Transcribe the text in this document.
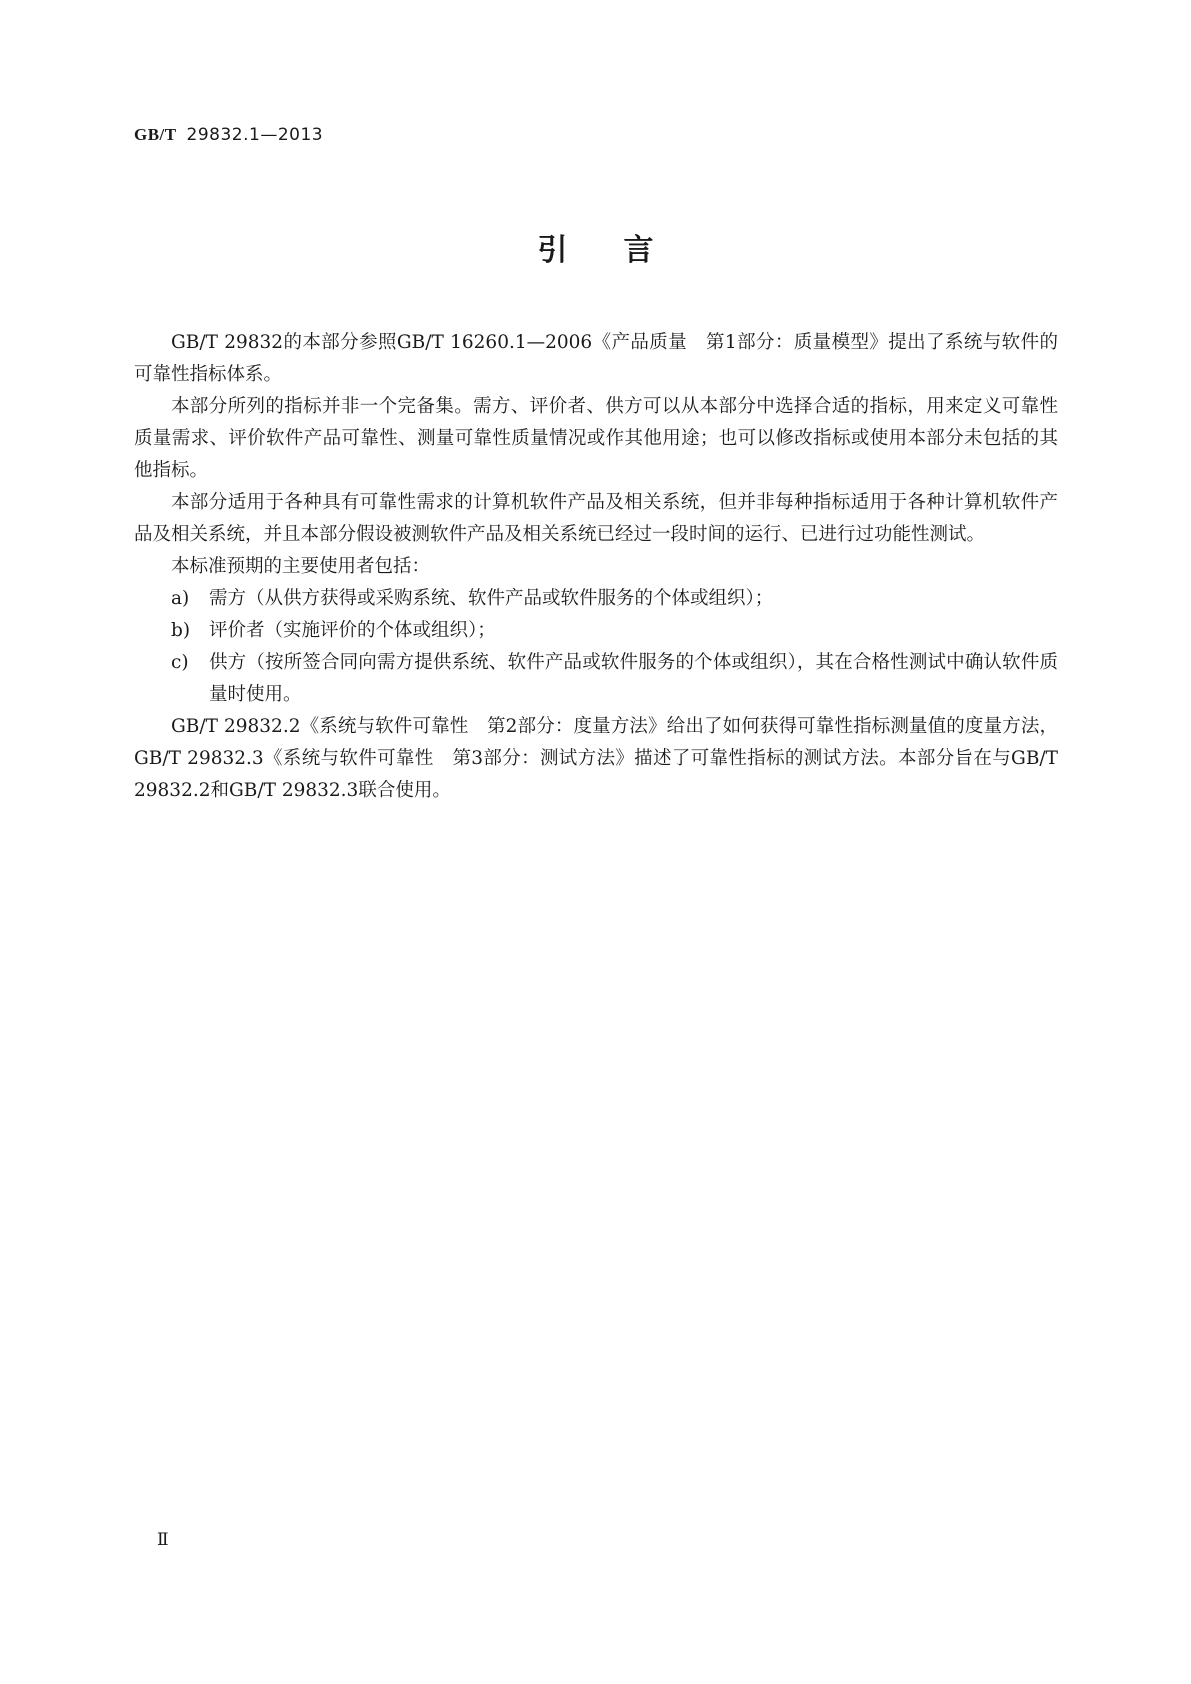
GB/T 29832.1—2013
引言

GB/T 29832的本部分参照GB/T 16260.1—2006《产品质量　第1部分：质量模型》提出了系统与软件的可靠性指标体系。

本部分所列的指标并非一个完备集。需方、评价者、供方可以从本部分中选择合适的指标，用来定义可靠性质量需求、评价软件产品可靠性、测量可靠性质量情况或作其他用途；也可以修改指标或使用本部分未包括的其他指标。

本部分适用于各种具有可靠性需求的计算机软件产品及相关系统，但并非每种指标适用于各种计算机软件产品及相关系统，并且本部分假设被测软件产品及相关系统已经过一段时间的运行、已进行过功能性测试。

本标准预期的主要使用者包括：

a)	需方（从供方获得或采购系统、软件产品或软件服务的个体或组织）；
b)	评价者（实施评价的个体或组织）；
c)	供方（按所签合同向需方提供系统、软件产品或软件服务的个体或组织），其在合格性测试中确认软件质量时使用。

GB/T 29832.2《系统与软件可靠性　第2部分：度量方法》给出了如何获得可靠性指标测量值的度量方法，GB/T 29832.3《系统与软件可靠性　第3部分：测试方法》描述了可靠性指标的测试方法。本部分旨在与GB/T 29832.2和GB/T 29832.3联合使用。

Ⅱ
